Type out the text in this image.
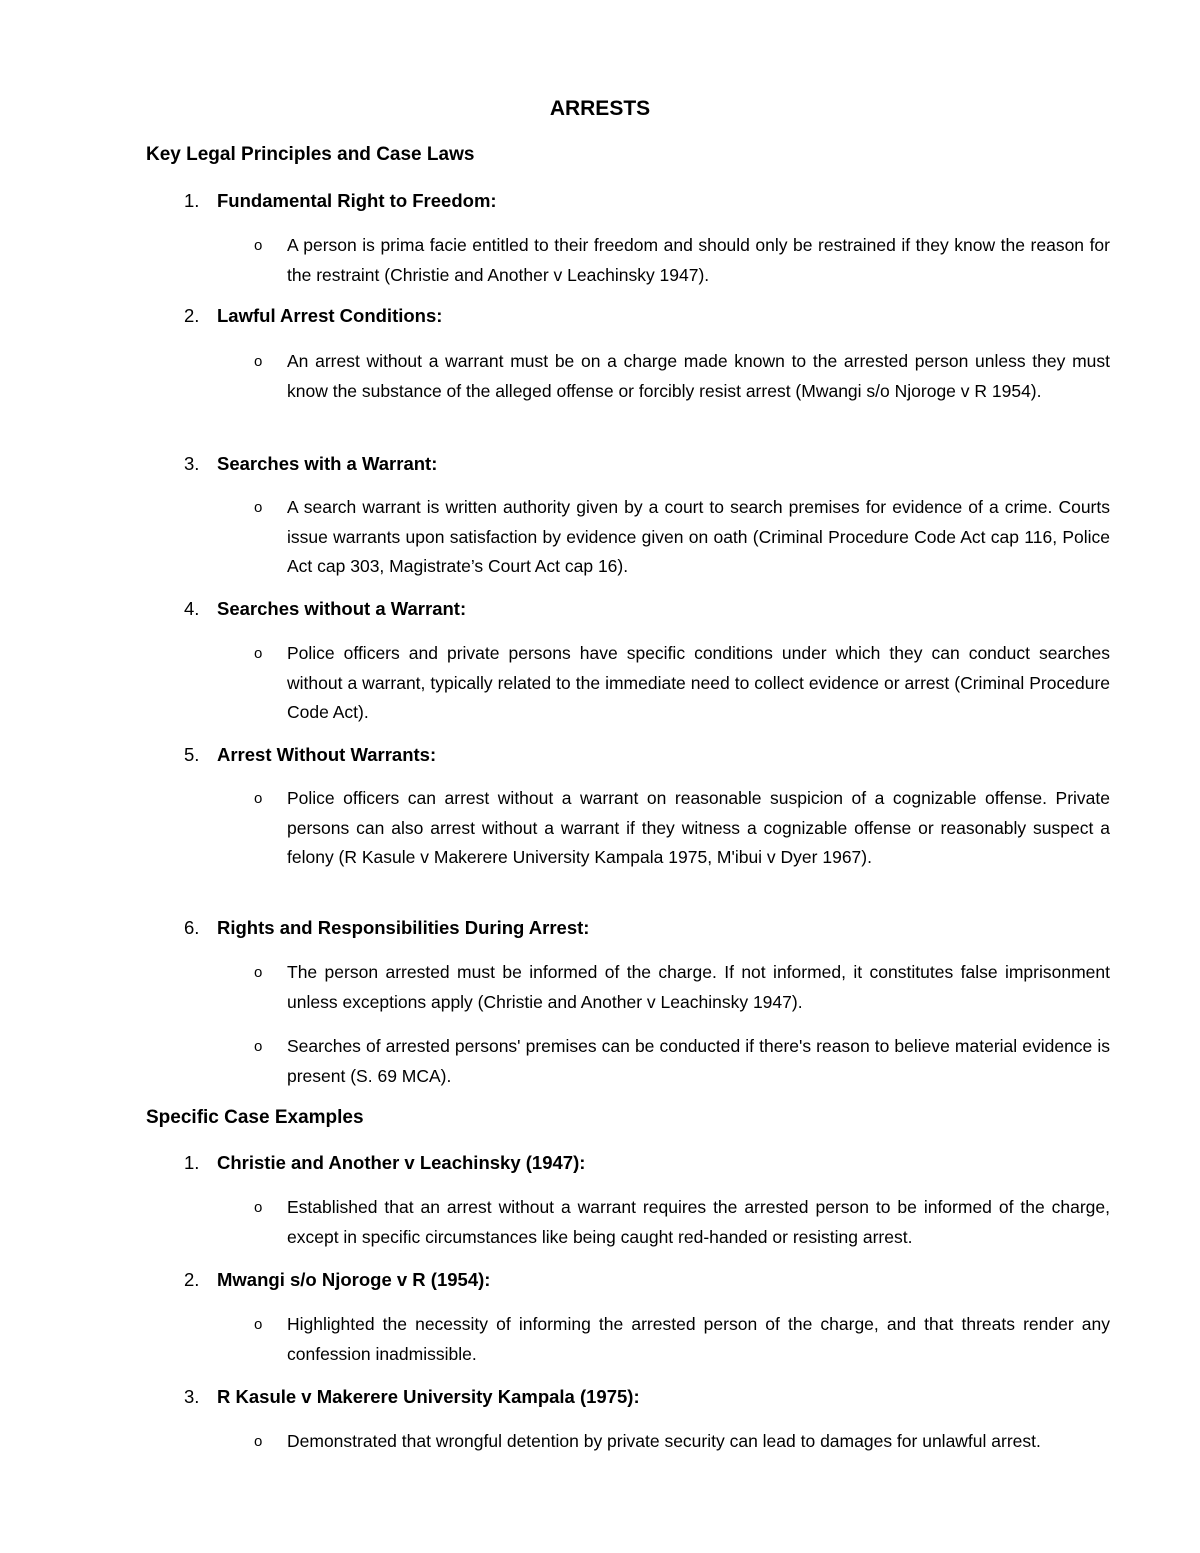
ARRESTS
Key Legal Principles and Case Laws
1. Fundamental Right to Freedom:
o	A person is prima facie entitled to their freedom and should only be restrained if they know the reason for the restraint (Christie and Another v Leachinsky 1947).
2. Lawful Arrest Conditions:
o	An arrest without a warrant must be on a charge made known to the arrested person unless they must know the substance of the alleged offense or forcibly resist arrest (Mwangi s/o Njoroge v R 1954).
3. Searches with a Warrant:
o	A search warrant is written authority given by a court to search premises for evidence of a crime. Courts issue warrants upon satisfaction by evidence given on oath (Criminal Procedure Code Act cap 116, Police Act cap 303, Magistrate’s Court Act cap 16).
4. Searches without a Warrant:
o	Police officers and private persons have specific conditions under which they can conduct searches without a warrant, typically related to the immediate need to collect evidence or arrest (Criminal Procedure Code Act).
5. Arrest Without Warrants:
o	Police officers can arrest without a warrant on reasonable suspicion of a cognizable offense. Private persons can also arrest without a warrant if they witness a cognizable offense or reasonably suspect a felony (R Kasule v Makerere University Kampala 1975, M'ibui v Dyer 1967).
6. Rights and Responsibilities During Arrest:
o	The person arrested must be informed of the charge. If not informed, it constitutes false imprisonment unless exceptions apply (Christie and Another v Leachinsky 1947).
o	Searches of arrested persons' premises can be conducted if there's reason to believe material evidence is present (S. 69 MCA).
Specific Case Examples
1. Christie and Another v Leachinsky (1947):
o	Established that an arrest without a warrant requires the arrested person to be informed of the charge, except in specific circumstances like being caught red-handed or resisting arrest.
2. Mwangi s/o Njoroge v R (1954):
o	Highlighted the necessity of informing the arrested person of the charge, and that threats render any confession inadmissible.
3. R Kasule v Makerere University Kampala (1975):
o	Demonstrated that wrongful detention by private security can lead to damages for unlawful arrest.
